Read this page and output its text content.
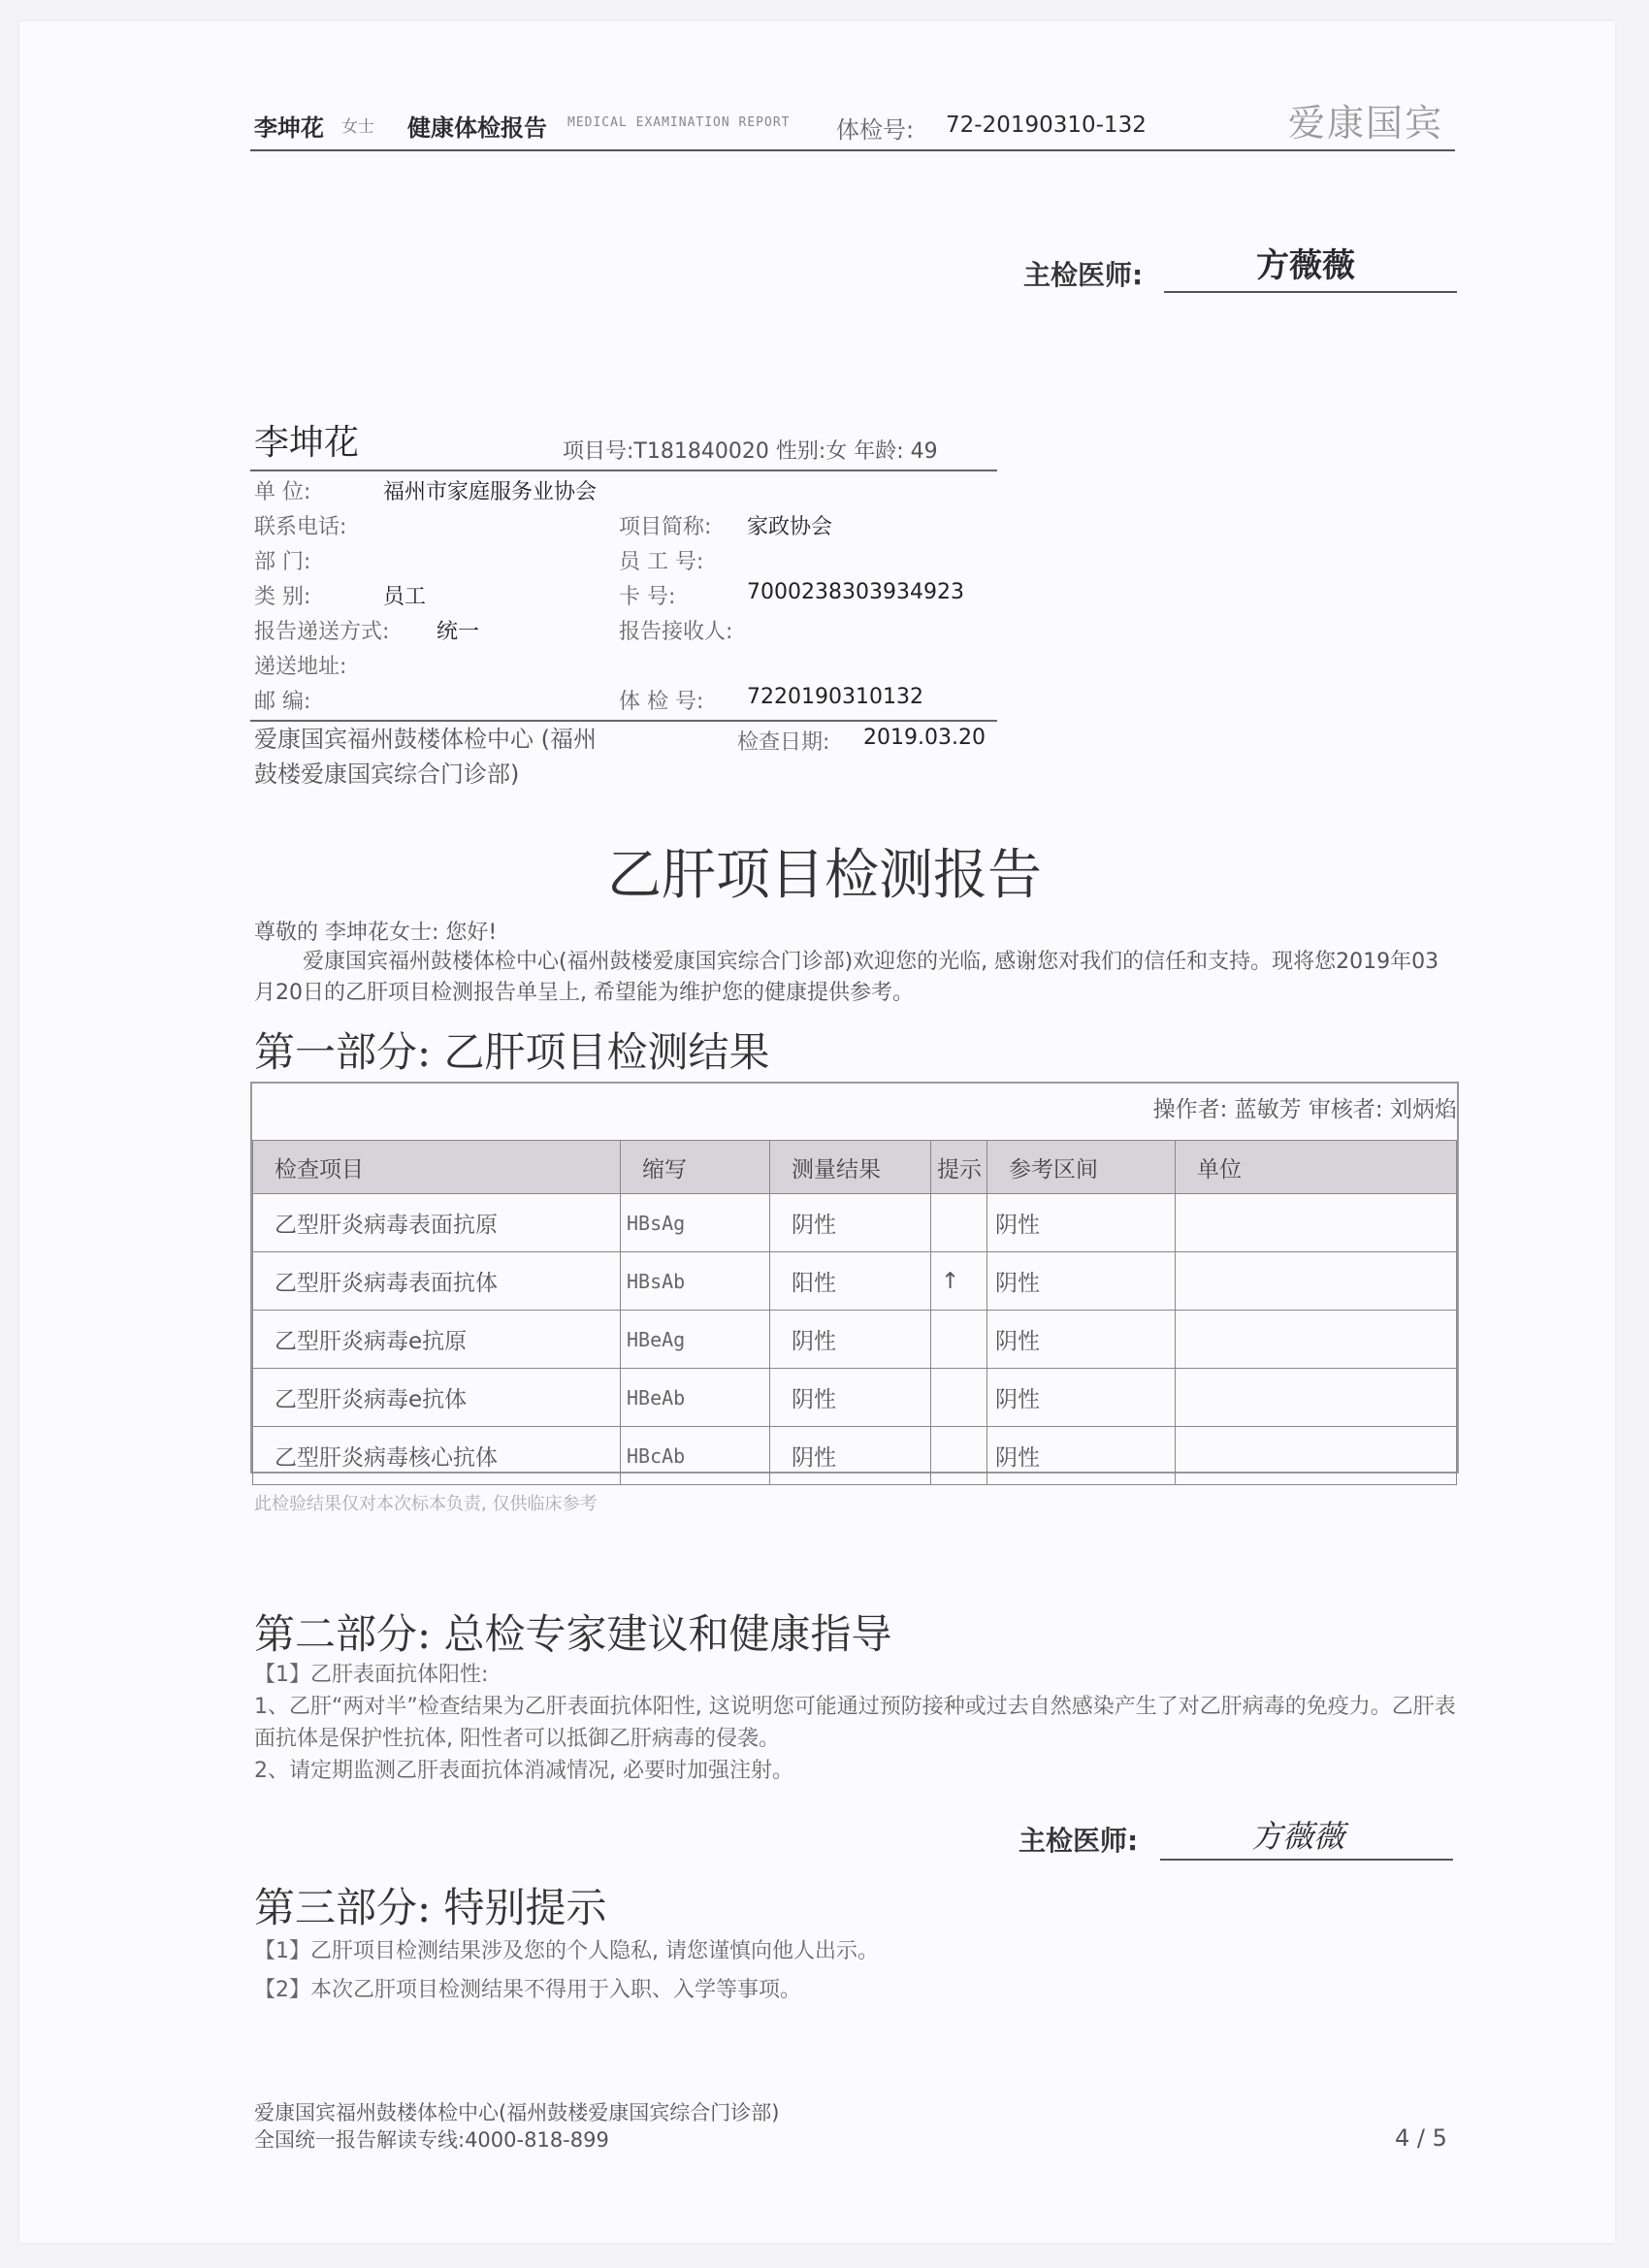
李坤花 女士 健康体检报告 MEDICAL EXAMINATION REPORT 体检号: 72-20190310-132	爱康国宾
主检医师:	方薇薇
李坤花	项目号:T181840020 性别:女 年龄: 49
单 位:	福州市家庭服务业协会
联系电话:	项目简称: 家政协会
部 门:	员 工 号:
类 别:	员工	卡 号:	7000238303934923
报告递送方式: 统一	报告接收人:
递送地址:
邮 编:	体 检 号: 7220190310132
爱康国宾福州鼓楼体检中心 (福州鼓楼爱康国宾综合门诊部)
检查日期: 2019.03.20
乙肝项目检测报告
尊敬的 李坤花女士: 您好!
爱康国宾福州鼓楼体检中心(福州鼓楼爱康国宾综合门诊部)欢迎您的光临, 感谢您对我们的信任和支持。现将您2019年03月20日的乙肝项目检测报告单呈上, 希望能为维护您的健康提供参考。
第一部分: 乙肝项目检测结果
操作者: 蓝敏芳 审核者: 刘炳焰
检查项目	缩写	测量结果	提示	参考区间	单位
乙型肝炎病毒表面抗原	HBsAg	阴性		阴性	
乙型肝炎病毒表面抗体	HBsAb	阳性	↑	阴性	
乙型肝炎病毒e抗原	HBeAg	阴性		阴性	
乙型肝炎病毒e抗体	HBeAb	阴性		阴性	
乙型肝炎病毒核心抗体	HBcAb	阴性		阴性	
此检验结果仅对本次标本负责, 仅供临床参考
第二部分: 总检专家建议和健康指导
【1】乙肝表面抗体阳性:
1、乙肝“两对半”检查结果为乙肝表面抗体阳性, 这说明您可能通过预防接种或过去自然感染产生了对乙肝病毒的免疫力。乙肝表面抗体是保护性抗体, 阳性者可以抵御乙肝病毒的侵袭。
2、请定期监测乙肝表面抗体消减情况, 必要时加强注射。
主检医师:	方薇薇
第三部分: 特别提示
【1】乙肝项目检测结果涉及您的个人隐私, 请您谨慎向他人出示。
【2】本次乙肝项目检测结果不得用于入职、入学等事项。
爱康国宾福州鼓楼体检中心(福州鼓楼爱康国宾综合门诊部)
全国统一报告解读专线:4000-818-899	4 / 5
